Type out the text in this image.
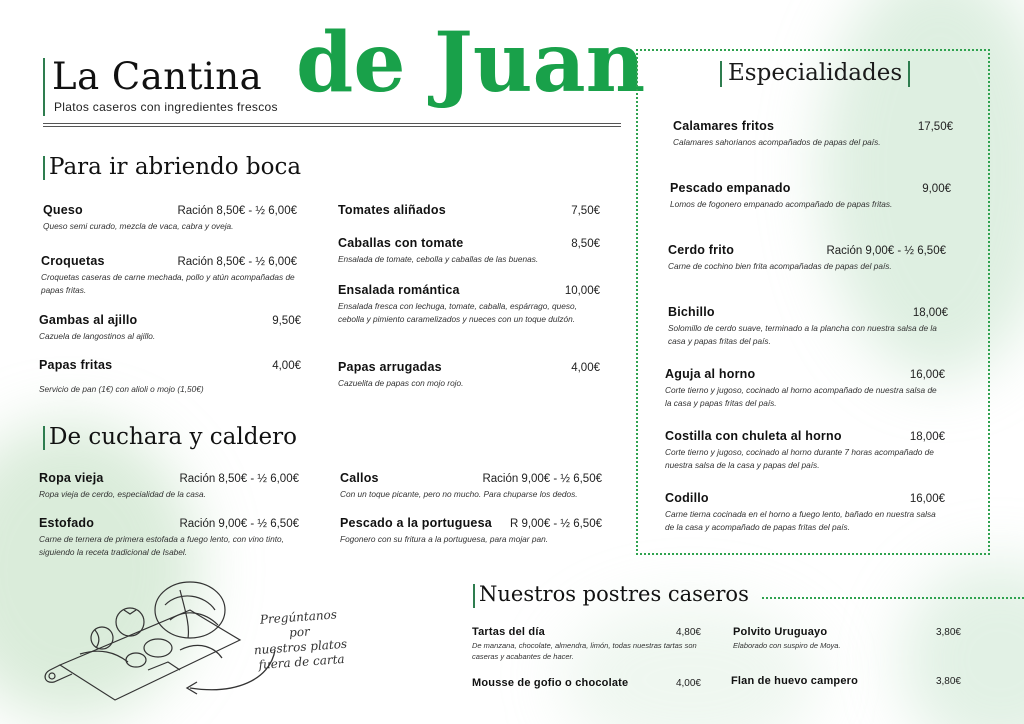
La Cantina de Juan
Platos caseros con ingredientes frescos
Para ir abriendo boca
Queso	Ración 8,50€ - ½ 6,00€
Queso semi curado, mezcla de vaca, cabra y oveja.
Croquetas	Ración 8,50€ - ½ 6,00€
Croquetas caseras de carne mechada, pollo y atún acompañadas de papas fritas.
Gambas al ajillo	9,50€
Cazuela de langostinos al ajillo.
Papas fritas	4,00€
Servicio de pan (1€) con alioli o mojo (1,50€)
Tomates aliñados	7,50€
Caballas con tomate	8,50€
Ensalada de tomate, cebolla y caballas de las buenas.
Ensalada romántica	10,00€
Ensalada fresca con lechuga, tomate, caballa, espárrago, queso, cebolla y pimiento caramelizados y nueces con un toque dulzón.
Papas arrugadas	4,00€
Cazuelita de papas con mojo rojo.
De cuchara y caldero
Ropa vieja	Ración 8,50€ - ½ 6,00€
Ropa vieja de cerdo, especialidad de la casa.
Estofado	Ración 9,00€ - ½ 6,50€
Carne de ternera de primera estofada a fuego lento, con vino tinto, siguiendo la receta tradicional de Isabel.
Callos	Ración 9,00€ - ½ 6,50€
Con un toque picante, pero no mucho. Para chuparse los dedos.
Pescado a la portuguesa R 9,00€ - ½ 6,50€
Fogonero con su fritura a la portuguesa, para mojar pan.
Especialidades
Calamares fritos	17,50€
Calamares sahorianos acompañados de papas del país.
Pescado empanado	9,00€
Lomos de fogonero empanado acompañado de papas fritas.
Cerdo frito	Ración 9,00€ - ½ 6,50€
Carne de cochino bien frita acompañadas de papas del país.
Bichillo	18,00€
Solomillo de cerdo suave, terminado a la plancha con nuestra salsa de la casa y papas fritas del país.
Aguja al horno	16,00€
Corte tierno y jugoso, cocinado al horno acompañado de nuestra salsa de la casa y papas fritas del país.
Costilla con chuleta al horno	18,00€
Corte tierno y jugoso, cocinado al horno durante 7 horas acompañado de nuestra salsa de la casa y papas del país.
Codillo	16,00€
Carne tierna cocinada en el horno a fuego lento, bañado en nuestra salsa de la casa y acompañado de papas fritas del país.
Nuestros postres caseros
Tartas del día	4,80€
De manzana, chocolate, almendra, limón, todas nuestras tartas son caseras y acabantes de hacer.
Mousse de gofio o chocolate	4,00€
Polvito Uruguayo	3,80€
Elaborado con suspiro de Moya.
Flan de huevo campero	3,80€
Pregúntanos por
nuestros platos
fuera de carta
